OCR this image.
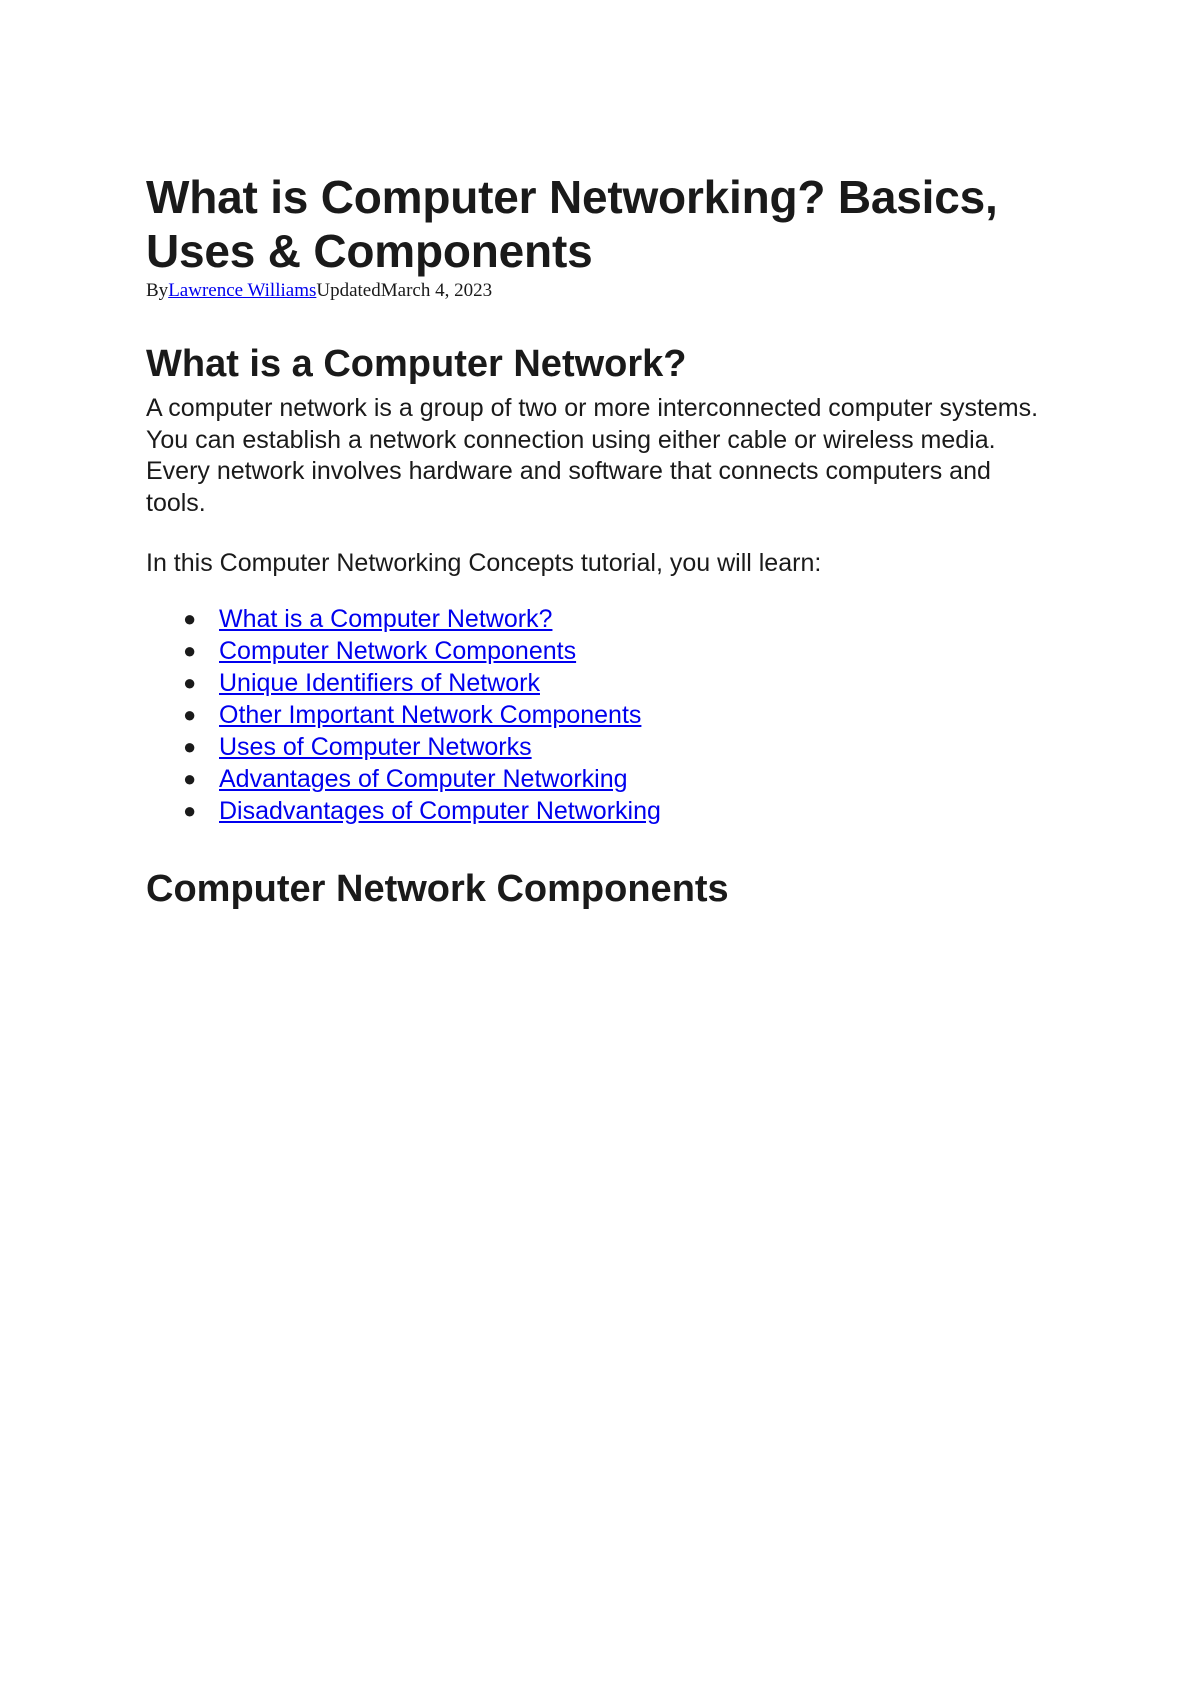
What is Computer Networking? Basics, Uses & Components
ByLawrence WilliamsUpdatedMarch 4, 2023
What is a Computer Network?

A computer network is a group of two or more interconnected computer systems. You can establish a network connection using either cable or wireless media.

Every network involves hardware and software that connects computers and tools.

In this Computer Networking Concepts tutorial, you will learn:

● What is a Computer Network?
● Computer Network Components
● Unique Identifiers of Network
● Other Important Network Components
● Uses of Computer Networks
● Advantages of Computer Networking
● Disadvantages of Computer Networking
Computer Network Components
